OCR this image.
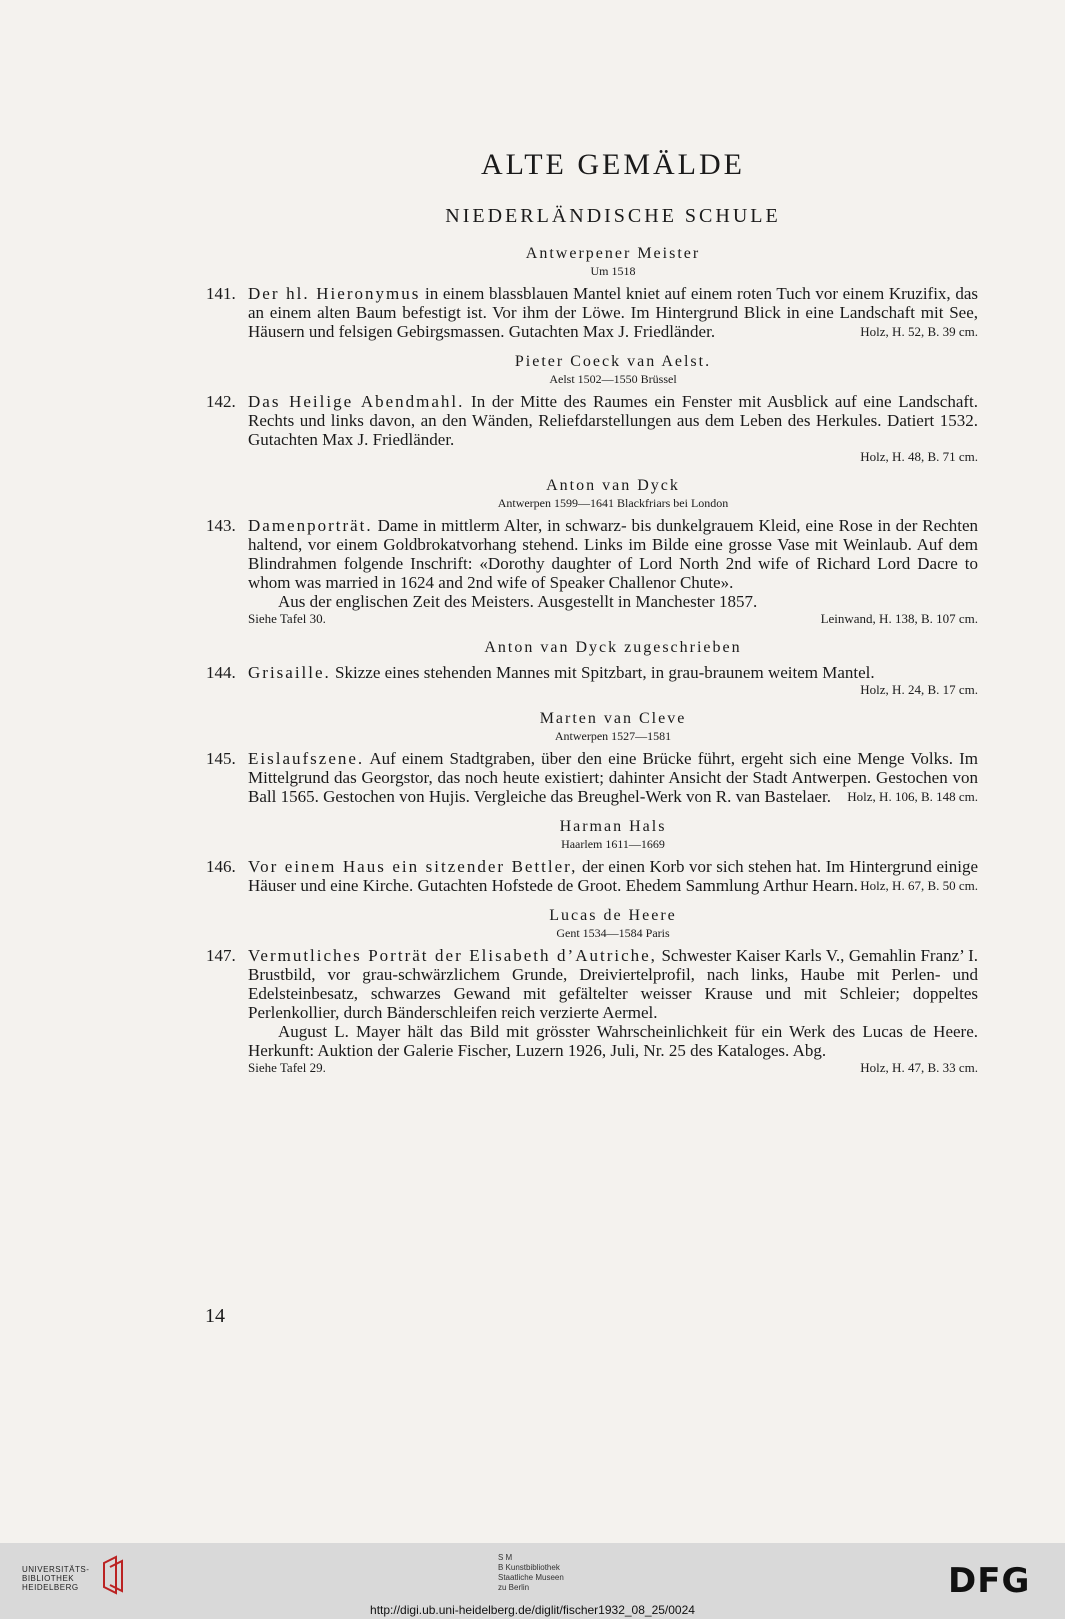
ALTE GEMÄLDE
NIEDERLÄNDISCHE SCHULE
Antwerpener Meister
Um 1518
141. Der hl. Hieronymus in einem blassblauen Mantel kniet auf einem roten Tuch vor einem Kruzifix, das an einem alten Baum befestigt ist. Vor ihm der Löwe. Im Hintergrund Blick in eine Landschaft mit See, Häusern und felsigen Gebirgsmassen. Gutachten Max J. Friedländer.	Holz, H. 52, B. 39 cm.

Pieter Coeck van Aelst.
Aelst 1502—1550 Brüssel
142. Das Heilige Abendmahl. In der Mitte des Raumes ein Fenster mit Ausblick auf eine Landschaft. Rechts und links davon, an den Wänden, Reliefdarstellungen aus dem Leben des Herkules. Datiert 1532. Gutachten Max J. Friedländer.

Holz, H. 48, B. 71 cm.
Anton van Dyck
Antwerpen 1599—1641 Blackfriars bei London
143. Damenporträt. Dame in mittlerm Alter, in schwarz- bis dunkelgrauem Kleid, eine Rose in der Rechten haltend, vor einem Goldbrokatvorhang stehend. Links im Bilde eine grosse Vase mit Weinlaub. Auf dem Blindrahmen folgende Inschrift: «Dorothy daughter of Lord North 2nd wife of Richard Lord Dacre to whom was married in 1624 and 2nd wife of Speaker Challenor Chute».

Aus der englischen Zeit des Meisters. Ausgestellt in Manchester 1857.

Siehe Tafel 30.	Leinwand, H. 138, B. 107 cm.
Anton van Dyck zugeschrieben
144. Grisaille. Skizze eines stehenden Mannes mit Spitzbart, in grau-braunem weitem Mantel.

Holz, H. 24, B. 17 cm.
Marten van Cleve
Antwerpen 1527—1581
145. Eislaufszene. Auf einem Stadtgraben, über den eine Brücke führt, ergeht sich eine Menge Volks. Im Mittelgrund das Georgstor, das noch heute existiert; dahinter Ansicht der Stadt Antwerpen. Gestochen von Ball 1565. Gestochen von Hujis. Vergleiche das Breughel-Werk von R. van Bastelaer. Holz, H. 106, B. 148 cm.

Harman Hals
Haarlem 1611—1669
146. Vor einem Haus ein sitzender Bettler, der einen Korb vor sich stehen hat. Im Hintergrund einige Häuser und eine Kirche. Gutachten Hofstede de Groot. Ehedem Sammlung Arthur Hearn. Holz, H. 67, B. 50 cm.

Lucas de Heere
Gent 1534—1584 Paris
147. Vermutliches Porträt der Elisabeth d’Autriche, Schwester Kaiser Karls V., Gemahlin Franz’ I. Brustbild, vor grau-schwärzlichem Grunde, Dreiviertelprofil, nach links, Haube mit Perlen- und Edelsteinbesatz, schwarzes Gewand mit gefältelter weisser Krause und mit Schleier; doppeltes Perlenkollier, durch Bänderschleifen reich verzierte Aermel.

August L. Mayer hält das Bild mit grösster Wahrscheinlichkeit für ein Werk des Lucas de Heere. Herkunft: Auktion der Galerie Fischer, Luzern 1926, Juli, Nr. 25 des Kataloges. Abg.

Siehe Tafel 29.	Holz, H. 47, B. 33 cm.
14
UNIVERSITÄTS-
BIBLIOTHEK
HEIDELBERG
S M
B Kunstbibliothek
Staatliche Museen
zu Berlin	DFG
http://digi.ub.uni-heidelberg.de/diglit/fischer1932_08_25/0024
